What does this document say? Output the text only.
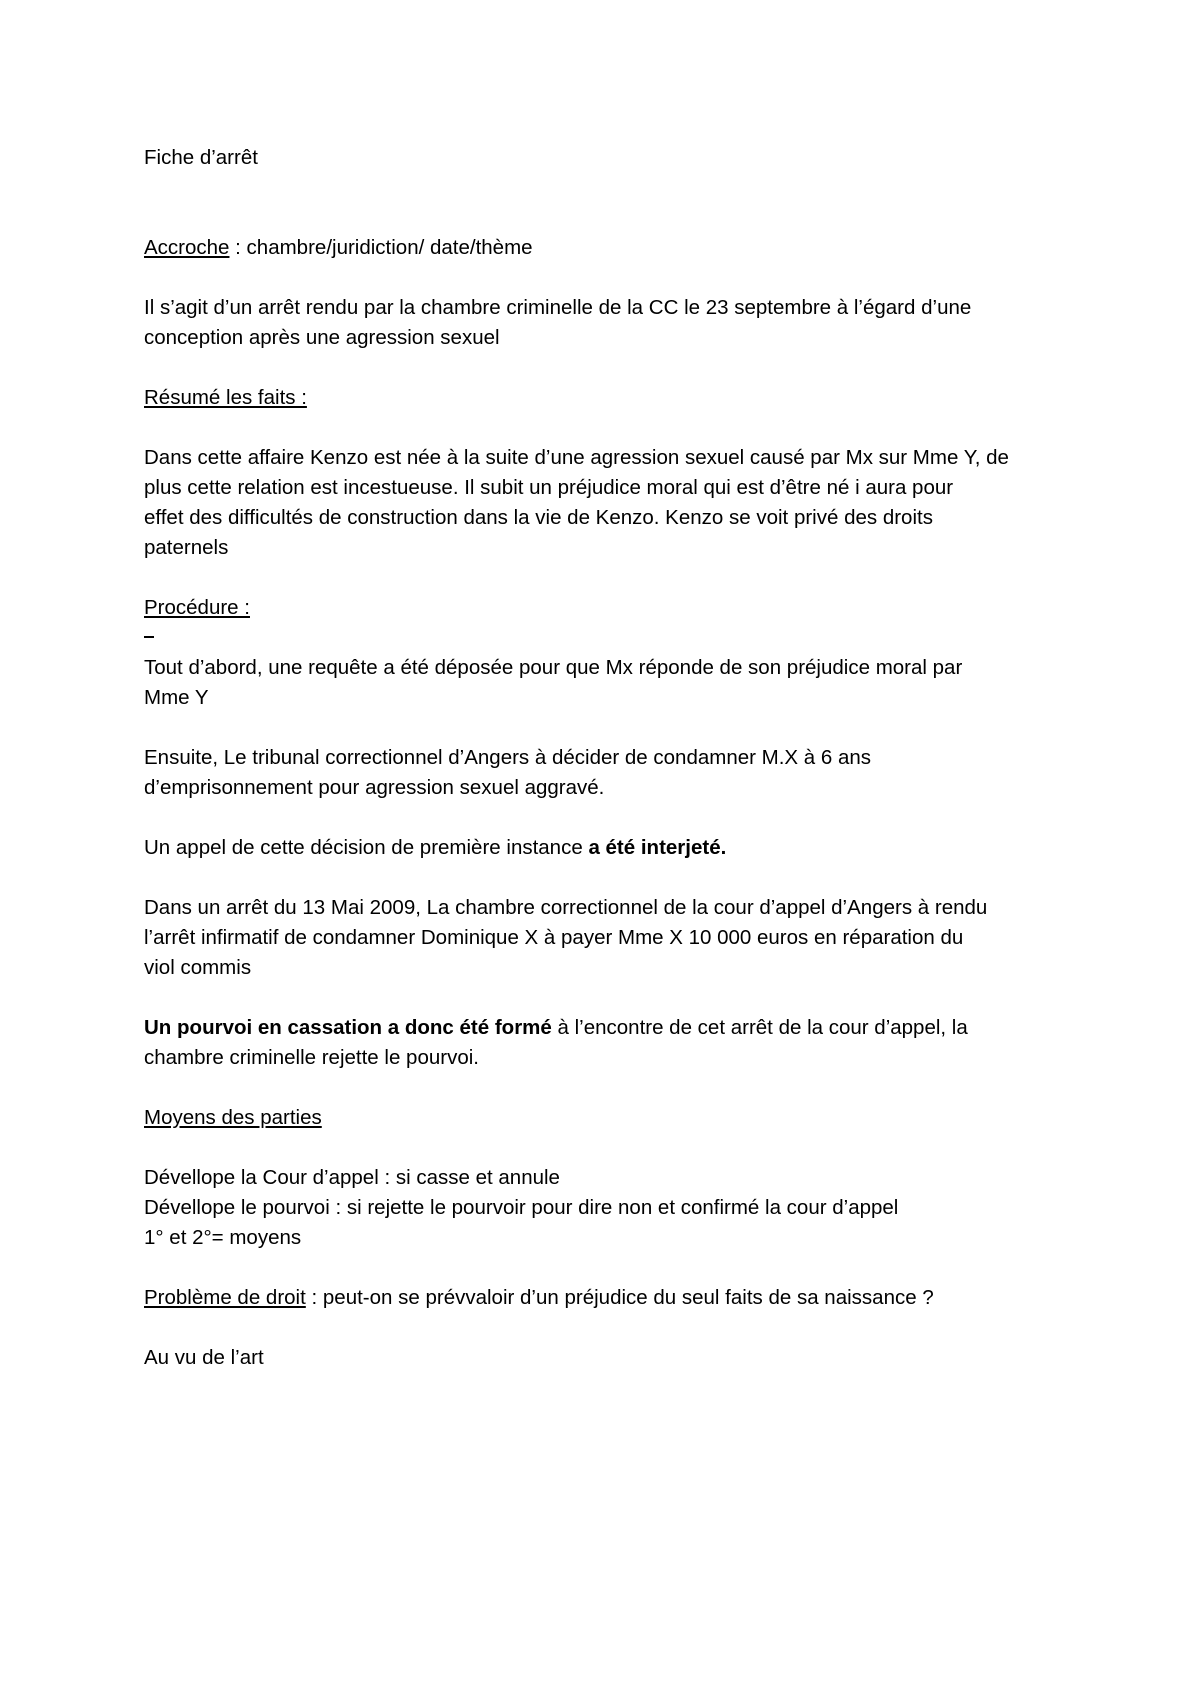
Fiche d’arrêt

Accroche : chambre/juridiction/ date/thème

Il s’agit d’un arrêt rendu par la chambre criminelle de la CC le 23 septembre à l’égard d’une

conception après une agression sexuel

Résumé les faits :

Dans cette affaire Kenzo est née à la suite d’une agression sexuel causé par Mx sur Mme Y, de

plus cette relation est incestueuse. Il subit un préjudice moral qui est d’être né i aura pour

effet des difficultés de construction dans la vie de Kenzo. Kenzo se voit privé des droits

paternels

Procédure :

Tout d’abord, une requête a été déposée pour que Mx réponde de son préjudice moral par

Mme Y

Ensuite, Le tribunal correctionnel d’Angers à décider de condamner M.X à 6 ans

d’emprisonnement pour agression sexuel aggravé.

Un appel de cette décision de première instance a été interjeté.

Dans un arrêt du 13 Mai 2009, La chambre correctionnel de la cour d’appel d’Angers à rendu

l’arrêt infirmatif de condamner Dominique X à payer Mme X 10 000 euros en réparation du

viol commis

Un pourvoi en cassation a donc été formé à l’encontre de cet arrêt de la cour d’appel, la

chambre criminelle rejette le pourvoi.

Moyens des parties

Dévellope la Cour d’appel : si casse et annule

Dévellope le pourvoi : si rejette le pourvoir pour dire non et confirmé la cour d’appel

1° et 2°= moyens

Problème de droit : peut-on se prévvaloir d’un préjudice du seul faits de sa naissance ?

Au vu de l’art
